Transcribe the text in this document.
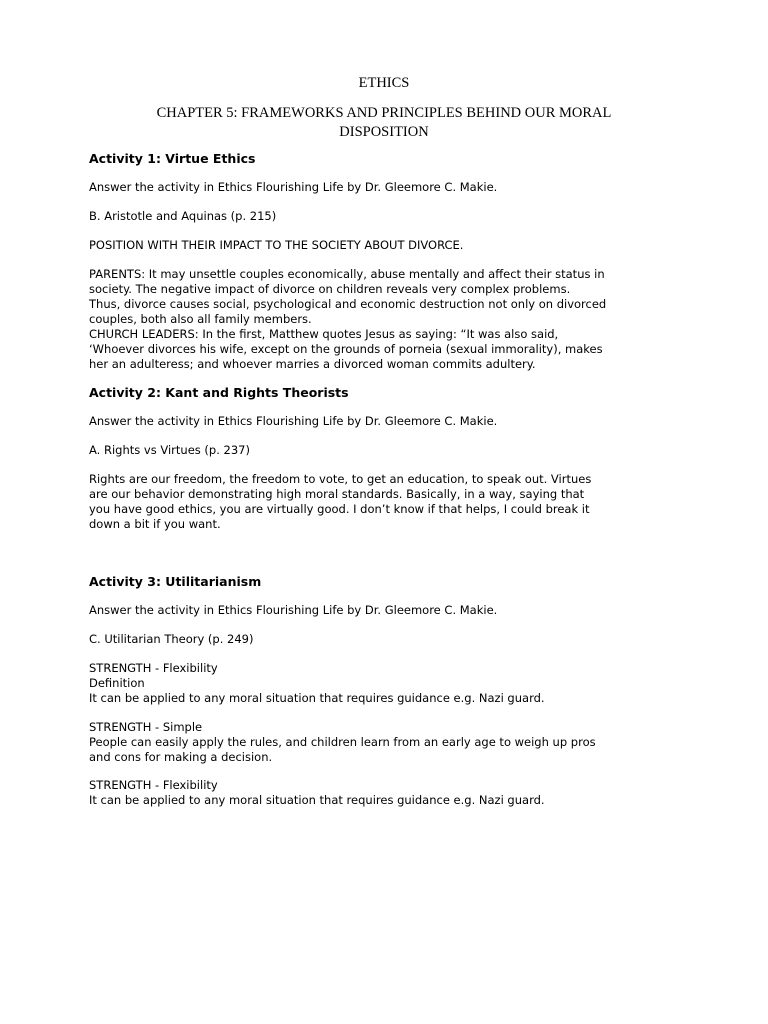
ETHICS
CHAPTER 5: FRAMEWORKS AND PRINCIPLES BEHIND OUR MORAL
DISPOSITION
Activity 1: Virtue Ethics

Answer the activity in Ethics Flourishing Life by Dr. Gleemore C. Makie.

B. Aristotle and Aquinas (p. 215)

POSITION WITH THEIR IMPACT TO THE SOCIETY ABOUT DIVORCE.

PARENTS: It may unsettle couples economically, abuse mentally and affect their status in
society. The negative impact of divorce on children reveals very complex problems.
Thus, divorce causes social, psychological and economic destruction not only on divorced
couples, both also all family members.
CHURCH LEADERS: In the first, Matthew quotes Jesus as saying: “It was also said,
‘Whoever divorces his wife, except on the grounds of porneia (sexual immorality), makes
her an adulteress; and whoever marries a divorced woman commits adultery.
Activity 2: Kant and Rights Theorists

Answer the activity in Ethics Flourishing Life by Dr. Gleemore C. Makie.

A. Rights vs Virtues (p. 237)

Rights are our freedom, the freedom to vote, to get an education, to speak out. Virtues
are our behavior demonstrating high moral standards. Basically, in a way, saying that
you have good ethics, you are virtually good. I don’t know if that helps, I could break it
down a bit if you want.
Activity 3: Utilitarianism

Answer the activity in Ethics Flourishing Life by Dr. Gleemore C. Makie.

C. Utilitarian Theory (p. 249)

STRENGTH - Flexibility
Definition
It can be applied to any moral situation that requires guidance e.g. Nazi guard.
STRENGTH - Simple
People can easily apply the rules, and children learn from an early age to weigh up pros
and cons for making a decision.
STRENGTH - Flexibility
It can be applied to any moral situation that requires guidance e.g. Nazi guard.
